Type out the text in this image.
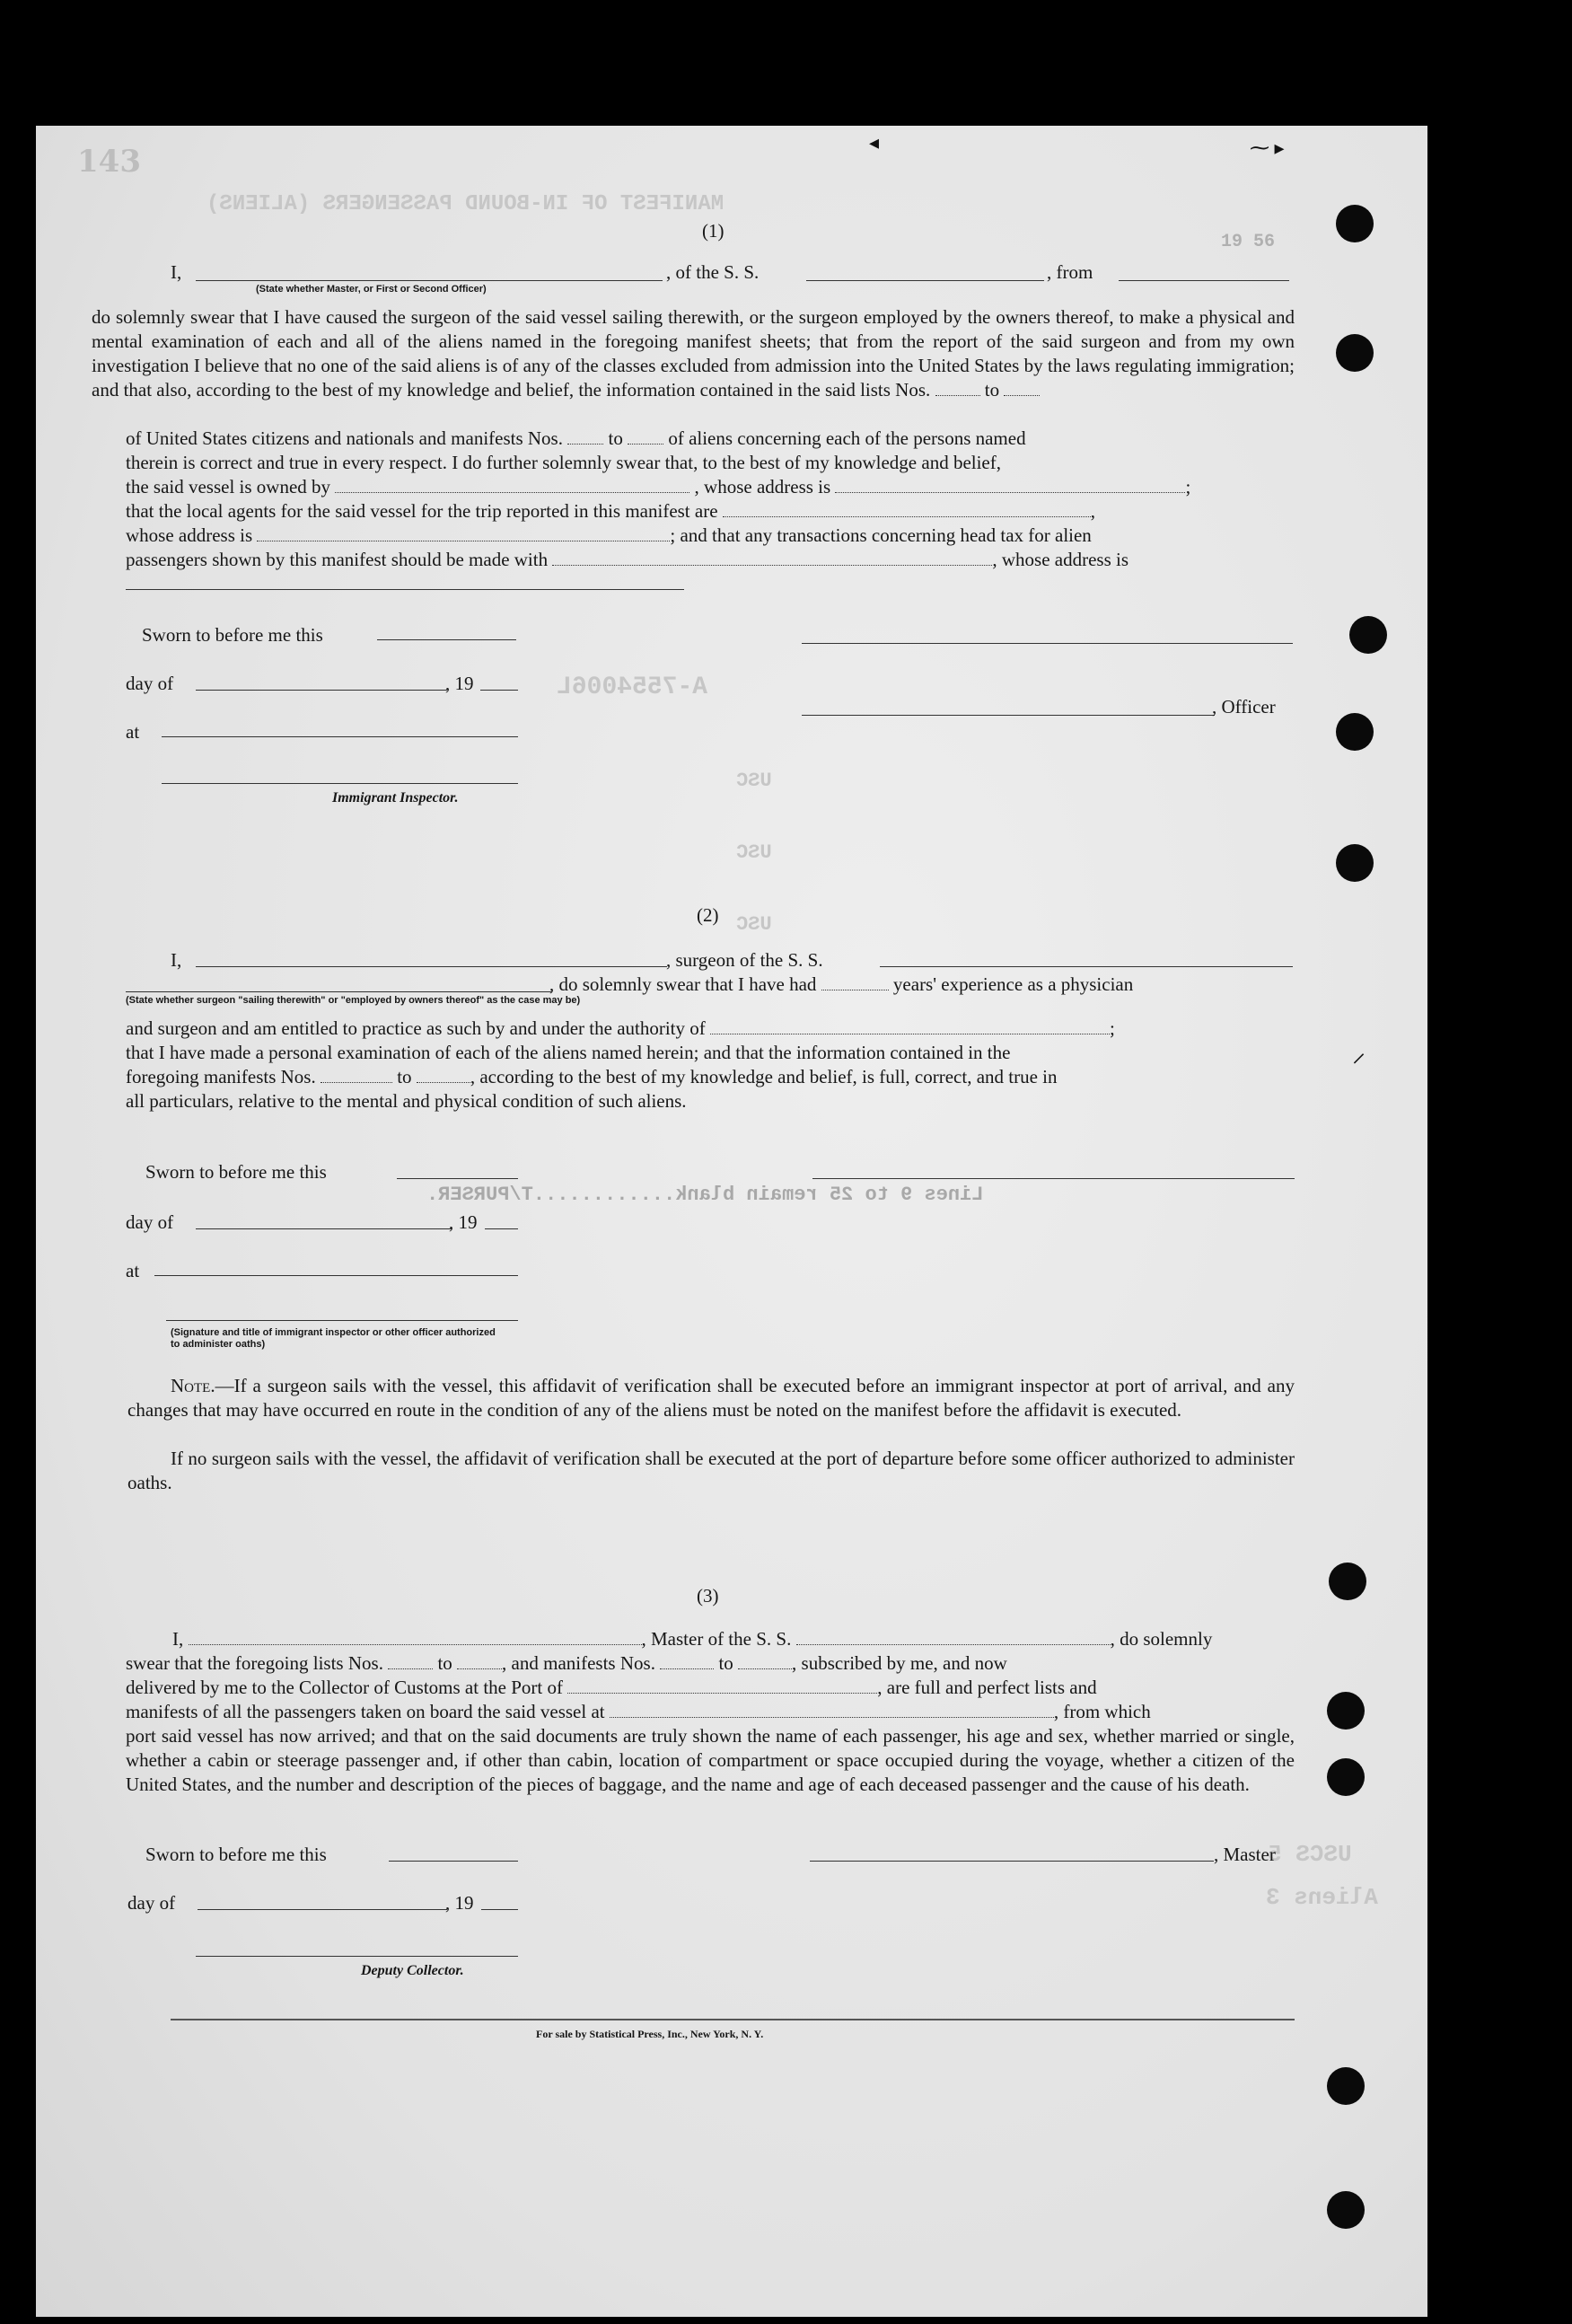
◂	⁓ ▸
⸝
143
MANIFEST OF IN-BOUND PASSENGERS (ALIENS)
19 56
A-7554006L
Lines 9 to 25 remain blank............T/PURSER.
USCS 5
Aliens 3
USC
USC
USC
(1)
I,
(State whether Master, or First or Second Officer)
, of the S. S.	, from
do solemnly swear that I have caused the surgeon of the said vessel sailing therewith, or the surgeon employed by the owners thereof, to make a physical and mental examination of each and all of the aliens named in the foregoing manifest sheets; that from the report of the said surgeon and from my own investigation I believe that no one of the said aliens is of any of the classes excluded from admission into the United States by the laws regulating immigration; and that also, according to the best of my knowledge and belief, the information contained in the said lists Nos.	to
of United States citizens and nationals and manifests Nos. to of aliens concerning each of the persons named
therein is correct and true in every respect. I do further solemnly swear that, to the best of my knowledge and belief,
the said vessel is owned by	, whose address is	;
that the local agents for the said vessel for the trip reported in this manifest are	,
whose address is	; and that any transactions concerning head tax for alien
passengers shown by this manifest should be made with	, whose address is
Sworn to before me this
day of	, 19
at
Immigrant Inspector.
, Officer
(2)
I,	, surgeon of the S. S.
, do solemnly swear that I have had	years' experience as a physician
(State whether surgeon "sailing therewith" or "employed by owners thereof" as the case may be)
and surgeon and am entitled to practice as such by and under the authority of	;
that I have made a personal examination of each of the aliens named herein; and that the information contained in the
foregoing manifests Nos.	to	, according to the best of my knowledge and belief, is full, correct, and true in
all particulars, relative to the mental and physical condition of such aliens.
Sworn to before me this
day of	, 19
at
(Signature and title of immigrant inspector or other officer authorized to administer oaths)
Note.—If a surgeon sails with the vessel, this affidavit of verification shall be executed before an immigrant inspector at port of arrival, and any changes that may have occurred en route in the condition of any of the aliens must be noted on the manifest before the affidavit is executed.
If no surgeon sails with the vessel, the affidavit of verification shall be executed at the port of departure before some officer authorized to administer oaths.
(3)
I,	, Master of the S. S.	, do solemnly
swear that the foregoing lists Nos.	to	, and manifests Nos.	to	, subscribed by me, and now
delivered by me to the Collector of Customs at the Port of	, are full and perfect lists and
manifests of all the passengers taken on board the said vessel at	, from which
port said vessel has now arrived; and that on the said documents are truly shown the name of each passenger, his age and sex, whether married or single, whether a cabin or steerage passenger and, if other than cabin, location of compartment or space occupied during the voyage, whether a citizen of the United States, and the number and description of the pieces of baggage, and the name and age of each deceased passenger and the cause of his death.
Sworn to before me this	, Master
day of	, 19
Deputy Collector.
For sale by Statistical Press, Inc., New York, N. Y.
